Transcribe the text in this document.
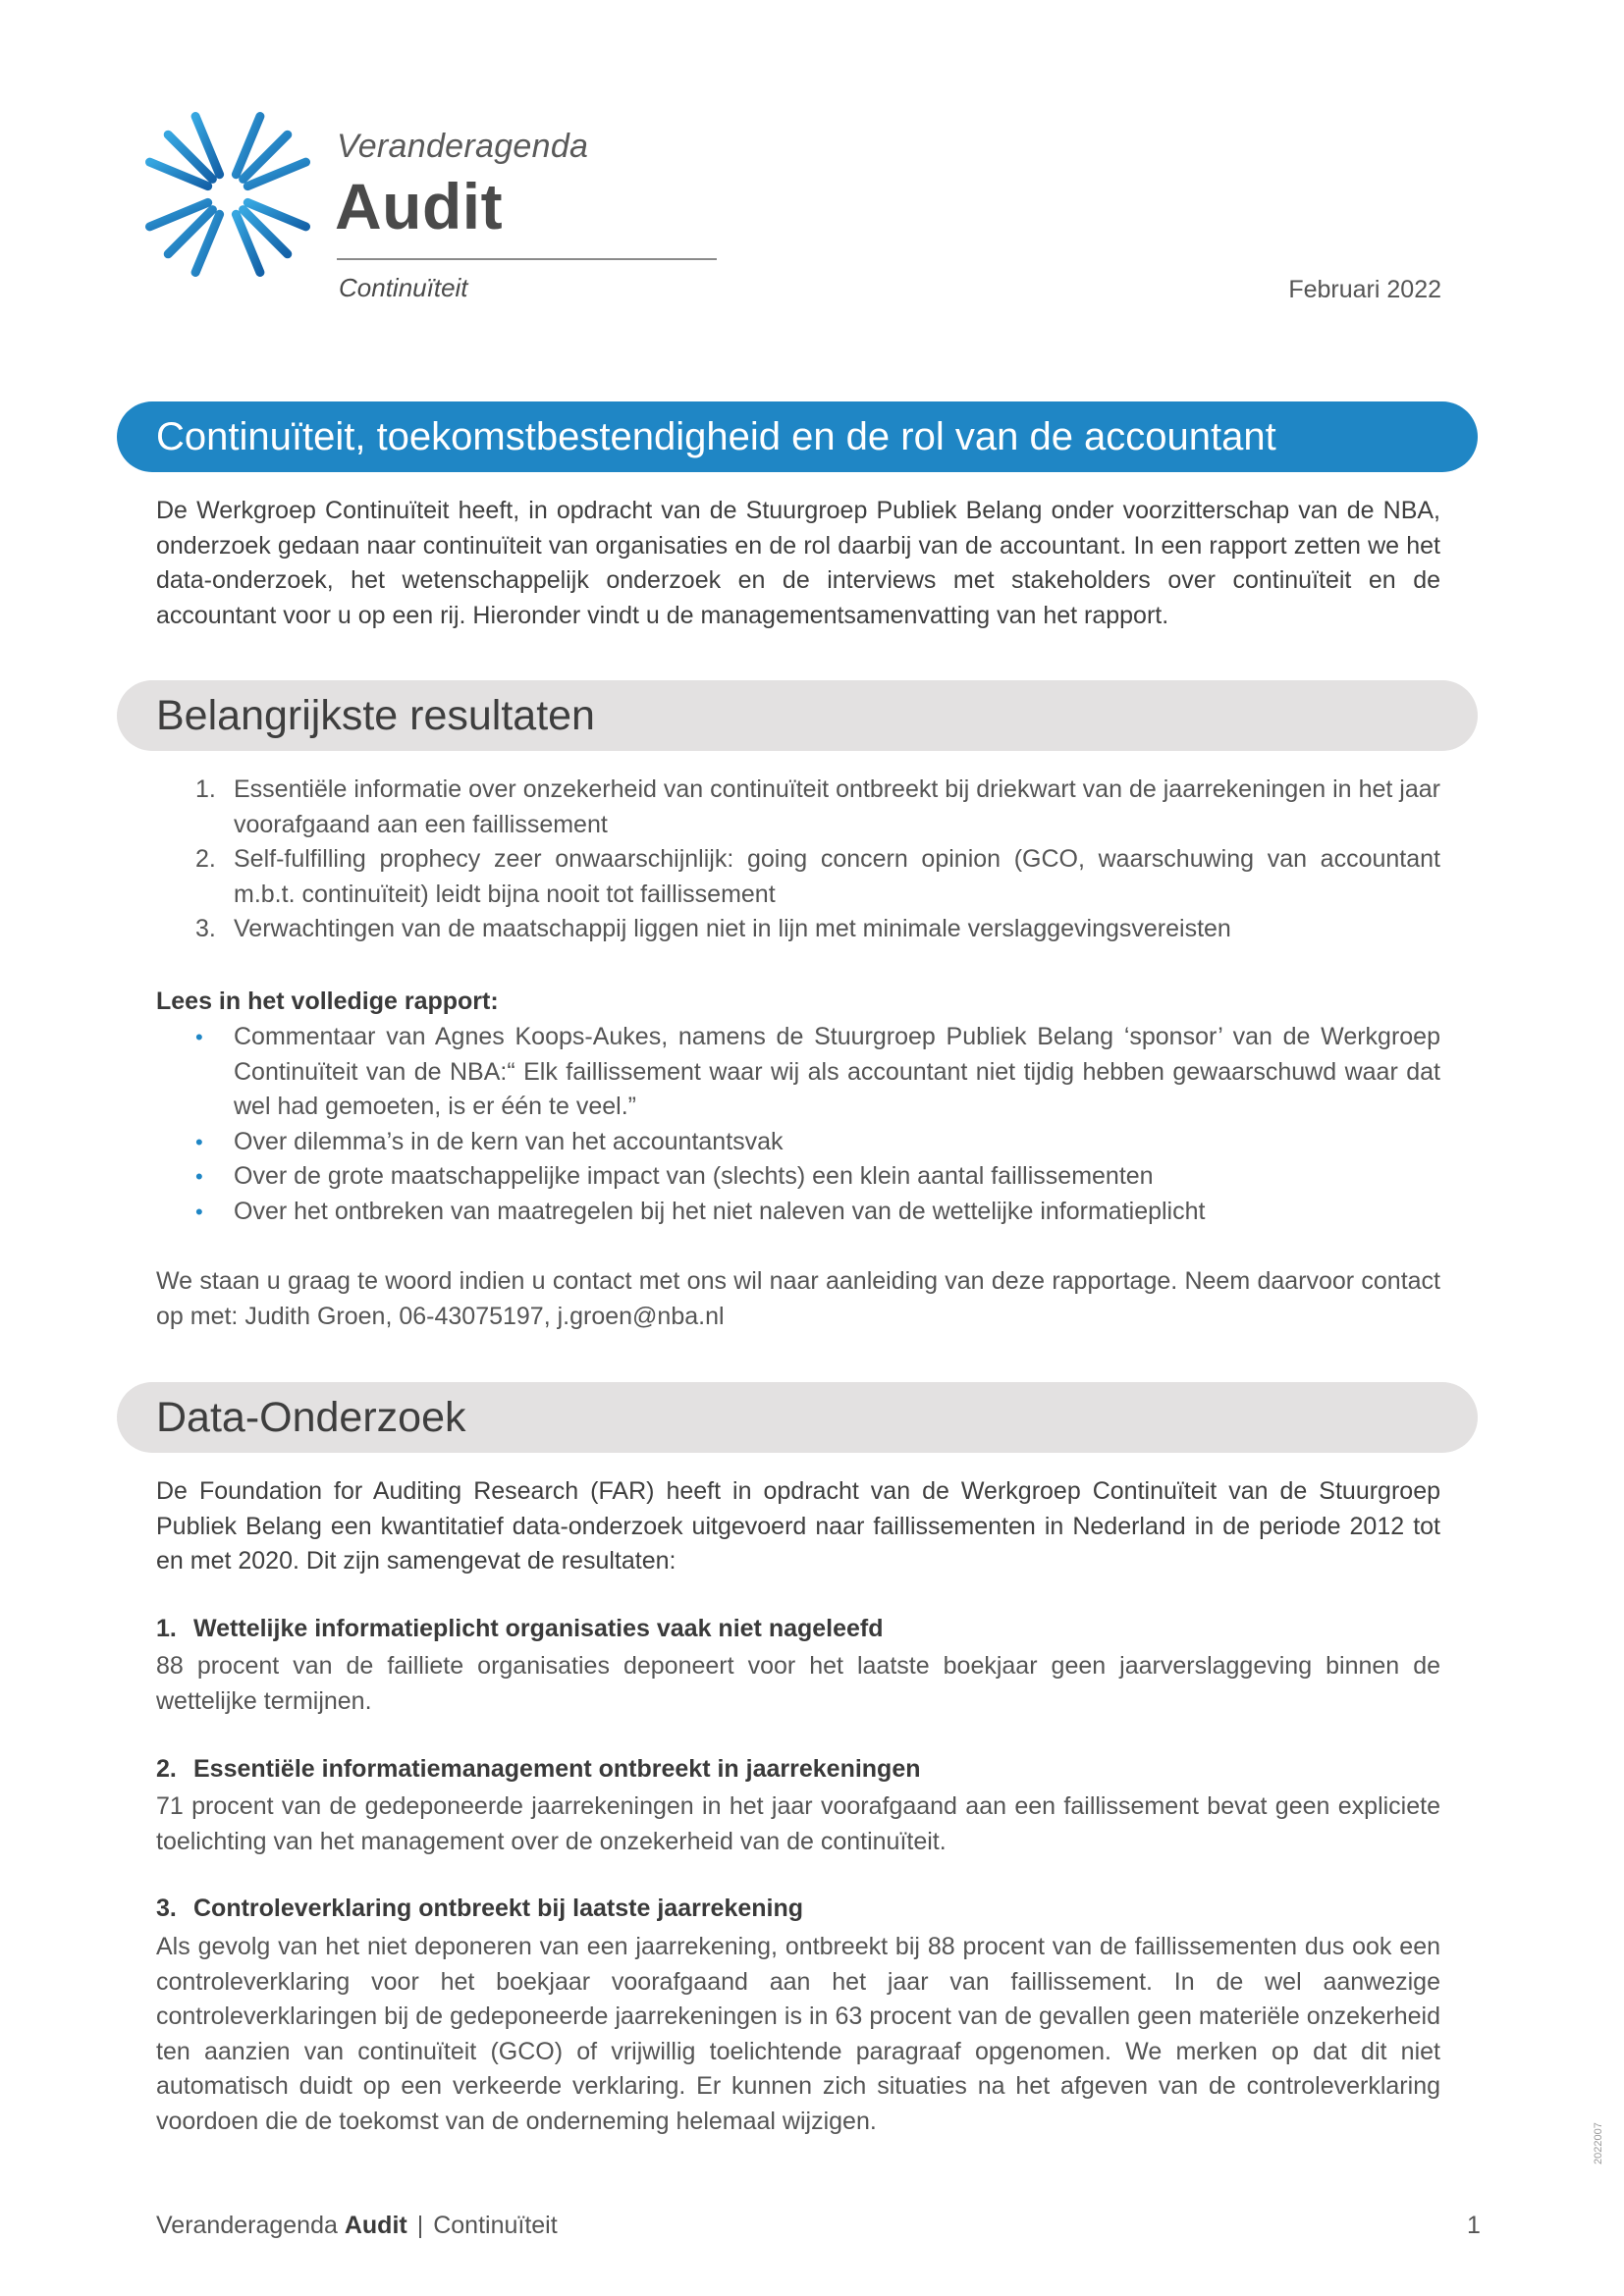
Veranderagenda
Audit
Continuïteit	Februari 2022
Continuïteit, toekomstbestendigheid en de rol van de accountant
De Werkgroep Continuïteit heeft, in opdracht van de Stuurgroep Publiek Belang onder voorzitterschap van de NBA, onderzoek gedaan naar continuïteit van organisaties en de rol daarbij van de accountant. In een rapport zetten we het data-onderzoek, het wetenschappelijk onderzoek en de interviews met stakeholders over continuïteit en de accountant voor u op een rij. Hieronder vindt u de managementsamenvatting van het rapport.
Belangrijkste resultaten
1. Essentiële informatie over onzekerheid van continuïteit ontbreekt bij driekwart van de jaarrekeningen in het jaar voorafgaand aan een faillissement
2. Self-fulfilling prophecy zeer onwaarschijnlijk: going concern opinion (GCO, waarschuwing van accountant m.b.t. continuïteit) leidt bijna nooit tot faillissement
3. Verwachtingen van de maatschappij liggen niet in lijn met minimale verslaggevingsvereisten
Lees in het volledige rapport:
• Commentaar van Agnes Koops-Aukes, namens de Stuurgroep Publiek Belang ‘sponsor’ van de Werkgroep Continuïteit van de NBA:“ Elk faillissement waar wij als accountant niet tijdig hebben gewaarschuwd waar dat wel had gemoeten, is er één te veel.”
• Over dilemma’s in de kern van het accountantsvak
• Over de grote maatschappelijke impact van (slechts) een klein aantal faillissementen
• Over het ontbreken van maatregelen bij het niet naleven van de wettelijke informatieplicht
We staan u graag te woord indien u contact met ons wil naar aanleiding van deze rapportage. Neem daarvoor contact op met: Judith Groen, 06-43075197, j.groen@nba.nl
Data-Onderzoek
De Foundation for Auditing Research (FAR) heeft in opdracht van de Werkgroep Continuïteit van de Stuurgroep Publiek Belang een kwantitatief data-onderzoek uitgevoerd naar faillissementen in Nederland in de periode 2012 tot en met 2020. Dit zijn samengevat de resultaten:
1. Wettelijke informatieplicht organisaties vaak niet nageleefd
88 procent van de failliete organisaties deponeert voor het laatste boekjaar geen jaarverslaggeving binnen de wettelijke termijnen.
2. Essentiële informatiemanagement ontbreekt in jaarrekeningen
71 procent van de gedeponeerde jaarrekeningen in het jaar voorafgaand aan een faillissement bevat geen expliciete toelichting van het management over de onzekerheid van de continuïteit.
3. Controleverklaring ontbreekt bij laatste jaarrekening
Als gevolg van het niet deponeren van een jaarrekening, ontbreekt bij 88 procent van de faillissementen dus ook een controleverklaring voor het boekjaar voorafgaand aan het jaar van faillissement. In de wel aanwezige controleverklaringen bij de gedeponeerde jaarrekeningen is in 63 procent van de gevallen geen materiële onzekerheid ten aanzien van continuïteit (GCO) of vrijwillig toelichtende paragraaf opgenomen. We merken op dat dit niet automatisch duidt op een verkeerde verklaring. Er kunnen zich situaties na het afgeven van de controleverklaring voordoen die de toekomst van de onderneming helemaal wijzigen.
Veranderagenda Audit | Continuïteit	1
2022007
